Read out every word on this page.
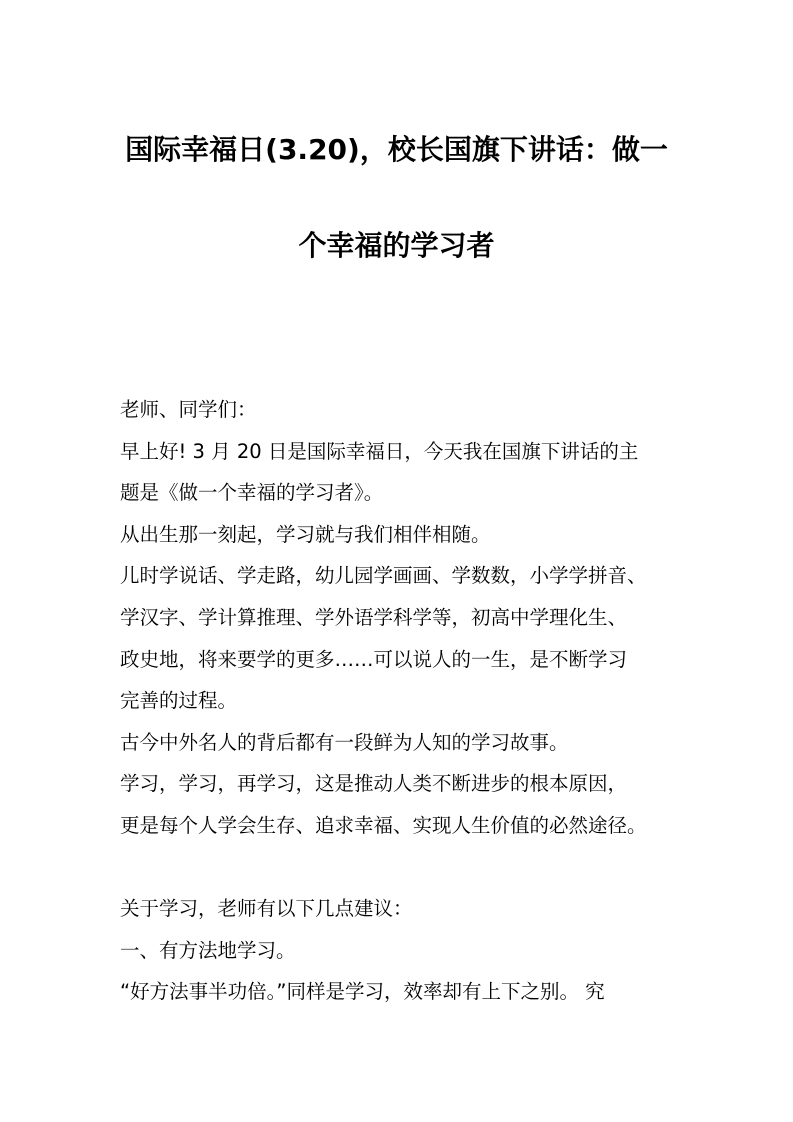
国际幸福日(3.20)，校长国旗下讲话：做一
个幸福的学习者
老师、同学们：
早上好! 3 月 20 日是国际幸福日，今天我在国旗下讲话的主
题是《做一个幸福的学习者》。
从出生那一刻起，学习就与我们相伴相随。
儿时学说话、学走路，幼儿园学画画、学数数，小学学拼音、
学汉字、学计算推理、学外语学科学等，初高中学理化生、
政史地，将来要学的更多……可以说人的一生，是不断学习
完善的过程。
古今中外名人的背后都有一段鲜为人知的学习故事。
学习，学习，再学习，这是推动人类不断进步的根本原因，
更是每个人学会生存、追求幸福、实现人生价值的必然途径。
关于学习，老师有以下几点建议：
一、有方法地学习。
“好方法事半功倍。”同样是学习，效率却有上下之别。 究
